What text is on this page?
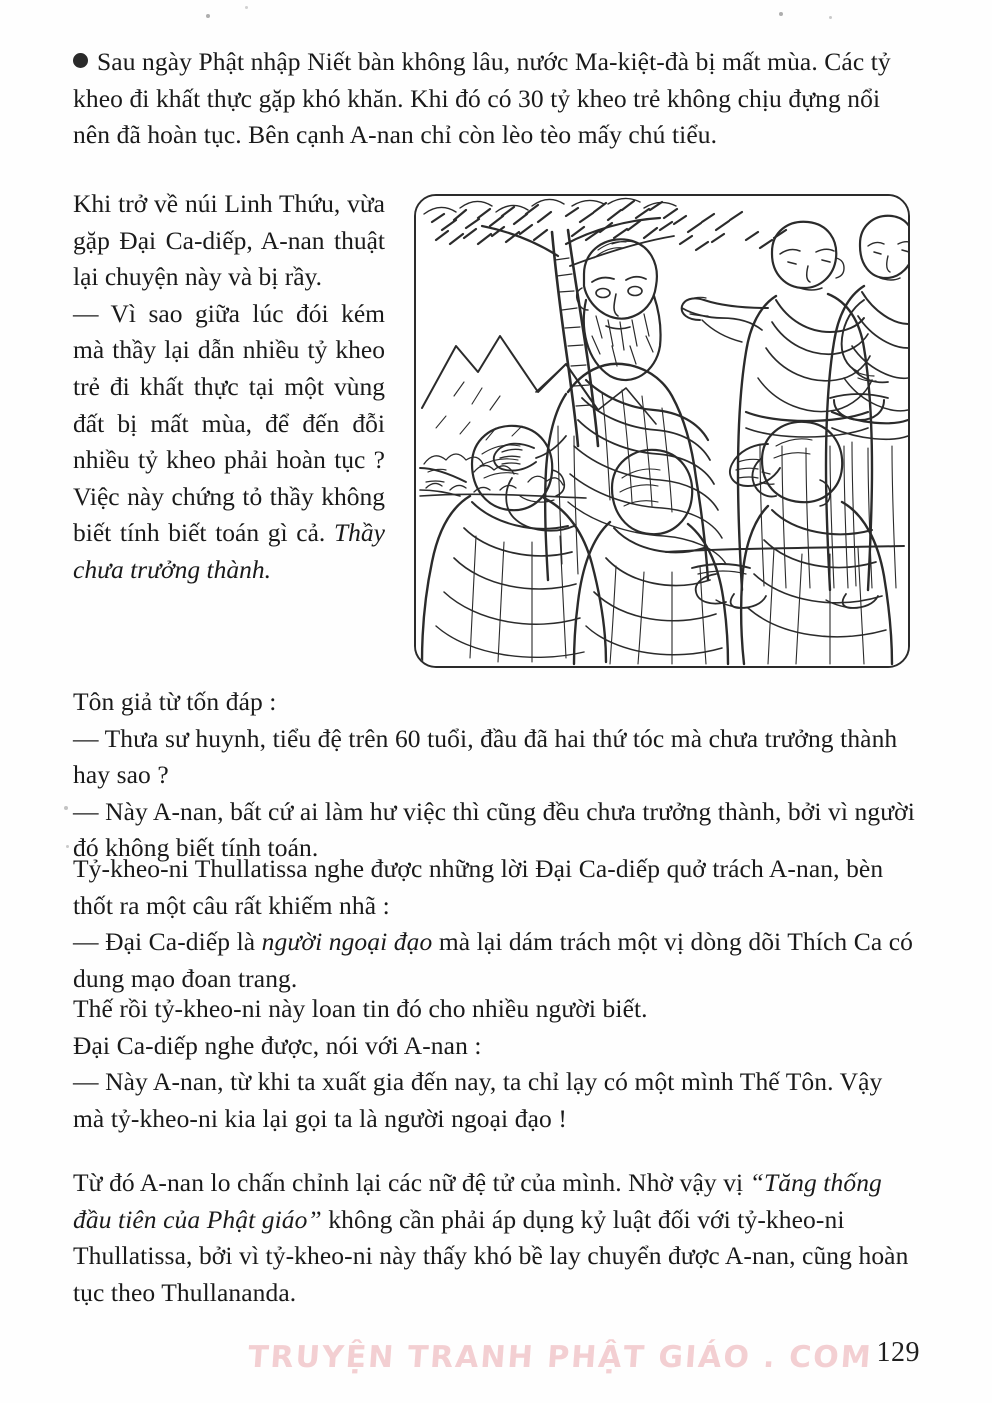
Sau ngày Phật nhập Niết bàn không lâu, nước Ma-kiệt-đà bị mất mùa. Các tỷ kheo đi khất thực gặp khó khăn. Khi đó có 30 tỷ kheo trẻ không chịu đựng nổi nên đã hoàn tục. Bên cạnh A-nan chỉ còn lèo tèo mấy chú tiểu.

Khi trở về núi Linh Thứu, vừa gặp Đại Ca-diếp, A-nan thuật lại chuyện này và bị rầy.

— Vì sao giữa lúc đói kém mà thầy lại dẫn nhiều tỷ kheo trẻ đi khất thực tại một vùng đất bị mất mùa, để đến đỗi nhiều tỷ kheo phải hoàn tục ? Việc này chứng tỏ thầy không biết tính biết toán gì cả. Thầy chưa trưởng thành.

Tôn giả từ tốn đáp :

— Thưa sư huynh, tiểu đệ trên 60 tuổi, đầu đã hai thứ tóc mà chưa trưởng thành hay sao ?

— Này A-nan, bất cứ ai làm hư việc thì cũng đều chưa trưởng thành, bởi vì người đó không biết tính toán.

Tỷ-kheo-ni Thullatissa nghe được những lời Đại Ca-diếp quở trách A-nan, bèn thốt ra một câu rất khiếm nhã :

— Đại Ca-diếp là người ngoại đạo mà lại dám trách một vị dòng dõi Thích Ca có dung mạo đoan trang.

Thế rồi tỷ-kheo-ni này loan tin đó cho nhiều người biết.

Đại Ca-diếp nghe được, nói với A-nan :

— Này A-nan, từ khi ta xuất gia đến nay, ta chỉ lạy có một mình Thế Tôn. Vậy mà tỷ-kheo-ni kia lại gọi ta là người ngoại đạo !

Từ đó A-nan lo chấn chỉnh lại các nữ đệ tử của mình. Nhờ vậy vị “Tăng thống đầu tiên của Phật giáo” không cần phải áp dụng kỷ luật đối với tỷ-kheo-ni Thullatissa, bởi vì tỷ-kheo-ni này thấy khó bề lay chuyển được A-nan, cũng hoàn tục theo Thullananda.

TRUYỆN TRANH PHẬT GIÁO . COM 129
